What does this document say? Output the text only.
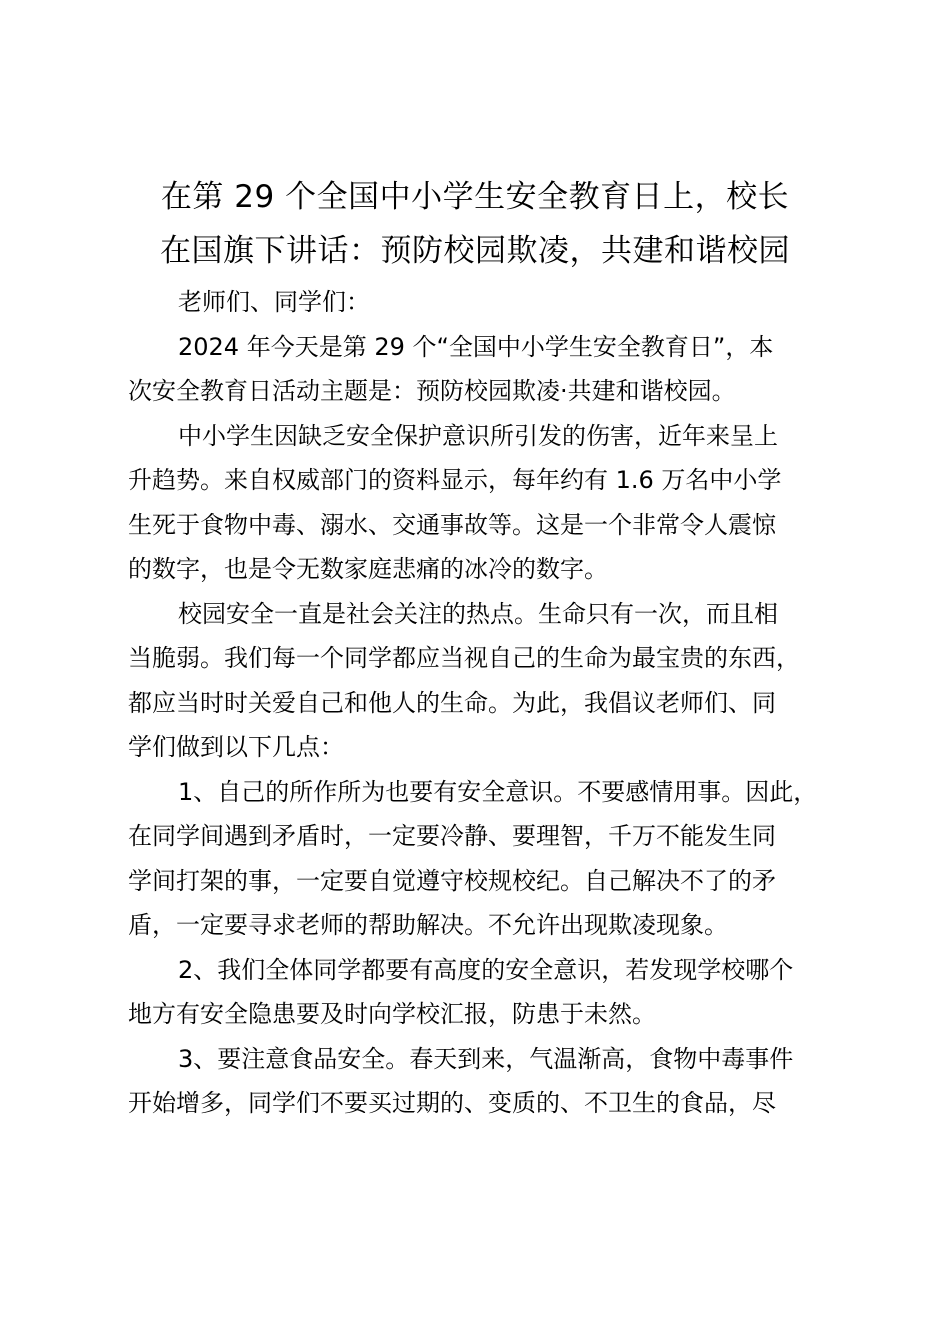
在第 29 个全国中小学生安全教育日上，校长
在国旗下讲话：预防校园欺凌，共建和谐校园
老师们、同学们：
2024 年今天是第 29 个“全国中小学生安全教育日”，本
次安全教育日活动主题是：预防校园欺凌·共建和谐校园。
中小学生因缺乏安全保护意识所引发的伤害，近年来呈上
升趋势。来自权威部门的资料显示，每年约有 1.6 万名中小学
生死于食物中毒、溺水、交通事故等。这是一个非常令人震惊
的数字，也是令无数家庭悲痛的冰冷的数字。
校园安全一直是社会关注的热点。生命只有一次，而且相
当脆弱。我们每一个同学都应当视自己的生命为最宝贵的东西，
都应当时时关爱自己和他人的生命。为此，我倡议老师们、同
学们做到以下几点：
1、自己的所作所为也要有安全意识。不要感情用事。因此，
在同学间遇到矛盾时，一定要冷静、要理智，千万不能发生同
学间打架的事，一定要自觉遵守校规校纪。自己解决不了的矛
盾，一定要寻求老师的帮助解决。不允许出现欺凌现象。
2、我们全体同学都要有高度的安全意识，若发现学校哪个
地方有安全隐患要及时向学校汇报，防患于未然。
3、要注意食品安全。春天到来，气温渐高，食物中毒事件
开始增多，同学们不要买过期的、变质的、不卫生的食品，尽
